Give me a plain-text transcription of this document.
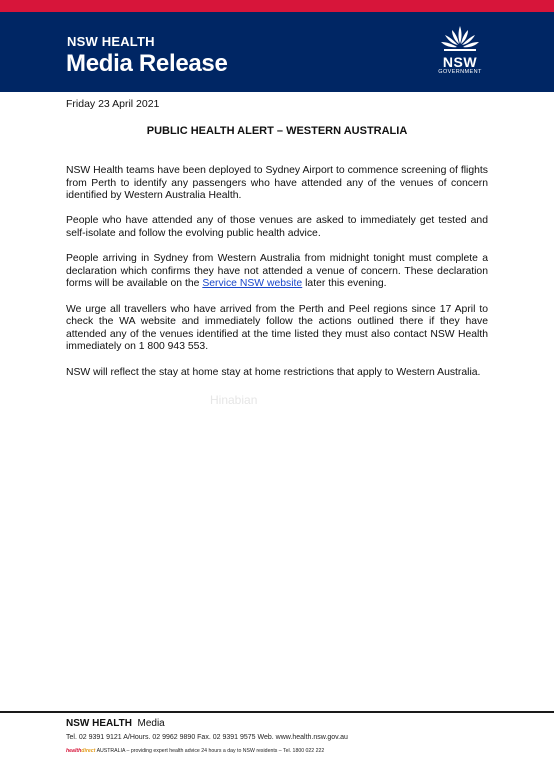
NSW HEALTH
Media Release	NSW
GOVERNMENT
Friday 23 April 2021
PUBLIC HEALTH ALERT – WESTERN AUSTRALIA

NSW Health teams have been deployed to Sydney Airport to commence screening of flights from Perth to identify any passengers who have attended any of the venues of concern identified by Western Australia Health.

People who have attended any of those venues are asked to immediately get tested and self-isolate and follow the evolving public health advice.

People arriving in Sydney from Western Australia from midnight tonight must complete a declaration which confirms they have not attended a venue of concern. These declaration forms will be available on the Service NSW website later this evening.

We urge all travellers who have arrived from the Perth and Peel regions since 17 April to check the WA website and immediately follow the actions outlined there if they have attended any of the venues identified at the time listed they must also contact NSW Health immediately on 1 800 943 553.

NSW will reflect the stay at home stay at home restrictions that apply to Western Australia.

Hinabian
NSW HEALTH Media
Tel. 02 9391 9121 A/Hours. 02 9962 9890 Fax. 02 9391 9575 Web. www.health.nsw.gov.au
healthdirect AUSTRALIA – providing expert health advice 24 hours a day to NSW residents – Tel. 1800 022 222
